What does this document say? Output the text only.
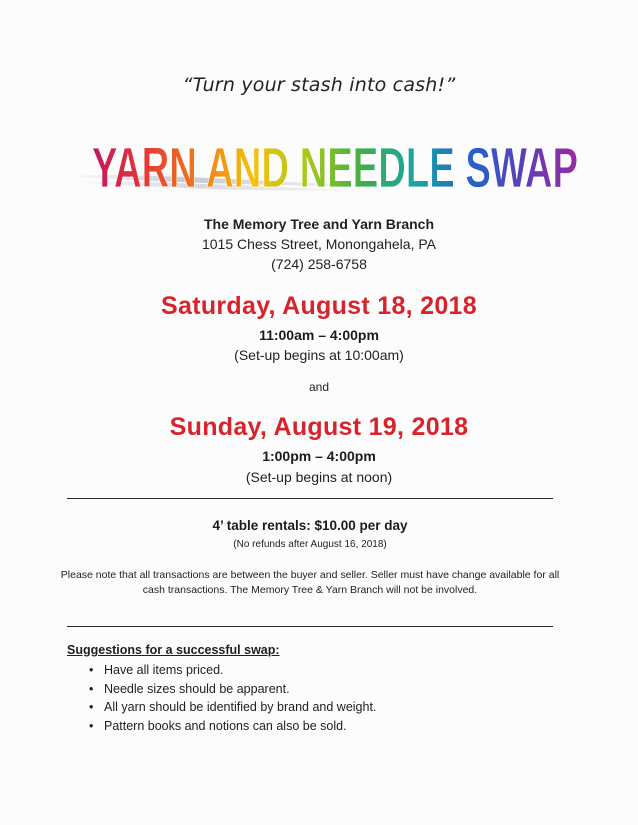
“Turn your stash into cash!”
YARN AND NEEDLE SWAP
The Memory Tree and Yarn Branch
1015 Chess Street, Monongahela, PA
(724) 258-6758
Saturday, August 18, 2018
11:00am – 4:00pm
(Set-up begins at 10:00am)
and
Sunday, August 19, 2018
1:00pm – 4:00pm
(Set-up begins at noon)
4’ table rentals: $10.00 per day
(No refunds after August 16, 2018)
Please note that all transactions are between the buyer and seller. Seller must have change available for all cash transactions. The Memory Tree & Yarn Branch will not be involved.
Suggestions for a successful swap:
• Have all items priced.
• Needle sizes should be apparent.
• All yarn should be identified by brand and weight.
• Pattern books and notions can also be sold.
